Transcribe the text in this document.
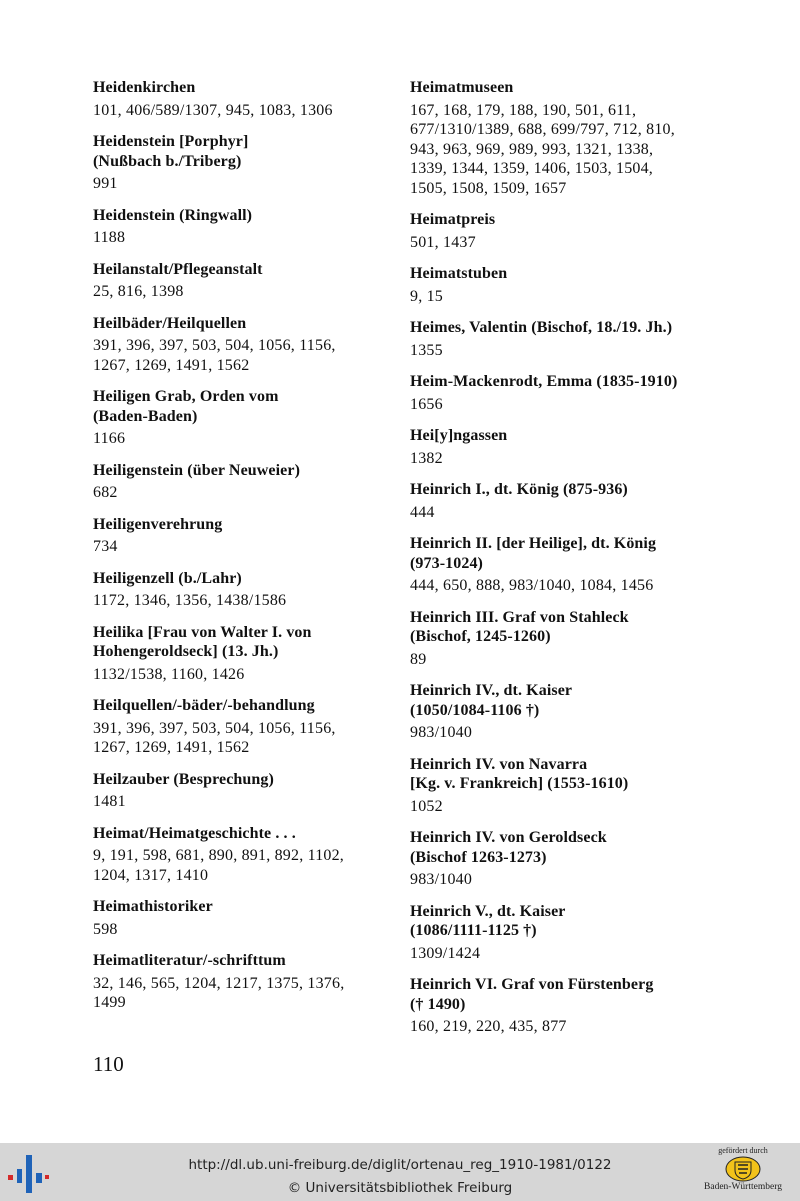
Heidenkirchen
101, 406/589/1307, 945, 1083, 1306
Heidenstein [Porphyr]
(Nußbach b./Triberg)
991
Heidenstein (Ringwall)
1188
Heilanstalt/Pflegeanstalt
25, 816, 1398
Heilbäder/Heilquellen
391, 396, 397, 503, 504, 1056, 1156,
1267, 1269, 1491, 1562
Heiligen Grab, Orden vom
(Baden-Baden)
1166
Heiligenstein (über Neuweier)
682
Heiligenverehrung
734
Heiligenzell (b./Lahr)
1172, 1346, 1356, 1438/1586
Heilika [Frau von Walter I. von
Hohengeroldseck] (13. Jh.)
1132/1538, 1160, 1426
Heilquellen/-bäder/-behandlung
391, 396, 397, 503, 504, 1056, 1156,
1267, 1269, 1491, 1562
Heilzauber (Besprechung)
1481
Heimat/Heimatgeschichte . . .
9, 191, 598, 681, 890, 891, 892, 1102,
1204, 1317, 1410
Heimathistoriker
598
Heimatliteratur/-schrifttum
32, 146, 565, 1204, 1217, 1375, 1376,
1499
Heimatmuseen
167, 168, 179, 188, 190, 501, 611,
677/1310/1389, 688, 699/797, 712, 810,
943, 963, 969, 989, 993, 1321, 1338,
1339, 1344, 1359, 1406, 1503, 1504,
1505, 1508, 1509, 1657
Heimatpreis
501, 1437
Heimatstuben
9, 15
Heimes, Valentin (Bischof, 18./19. Jh.)
1355
Heim-Mackenrodt, Emma (1835-1910)
1656
Hei[y]ngassen
1382
Heinrich I., dt. König (875-936)
444
Heinrich II. [der Heilige], dt. König
(973-1024)
444, 650, 888, 983/1040, 1084, 1456
Heinrich III. Graf von Stahleck
(Bischof, 1245-1260)
89
Heinrich IV., dt. Kaiser
(1050/1084-1106 †)
983/1040
Heinrich IV. von Navarra
[Kg. v. Frankreich] (1553-1610)
1052
Heinrich IV. von Geroldseck
(Bischof 1263-1273)
983/1040
Heinrich V., dt. Kaiser
(1086/1111-1125 †)
1309/1424
Heinrich VI. Graf von Fürstenberg
(† 1490)
160, 219, 220, 435, 877
110
http://dl.ub.uni-freiburg.de/diglit/ortenau_reg_1910-1981/0122
© Universitätsbibliothek Freiburg
gefördert durch
Baden-Württemberg
